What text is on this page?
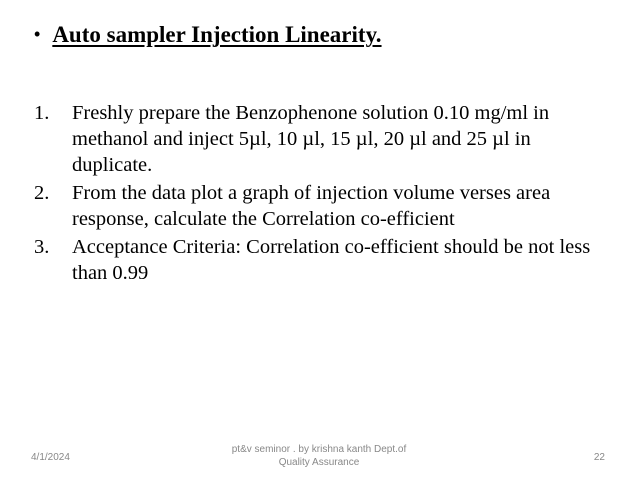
• Auto sampler Injection Linearity.
1.	Freshly prepare the Benzophenone solution 0.10 mg/ml in methanol and inject 5µl, 10 µl, 15 µl, 20 µl and 25 µl in duplicate.
2.	From the data plot a graph of injection volume verses area response, calculate the Correlation co-efficient
3.	Acceptance Criteria: Correlation co-efficient should be not less than 0.99
4/1/2024
pt&v seminor . by krishna kanth Dept.of
Quality Assurance	22
